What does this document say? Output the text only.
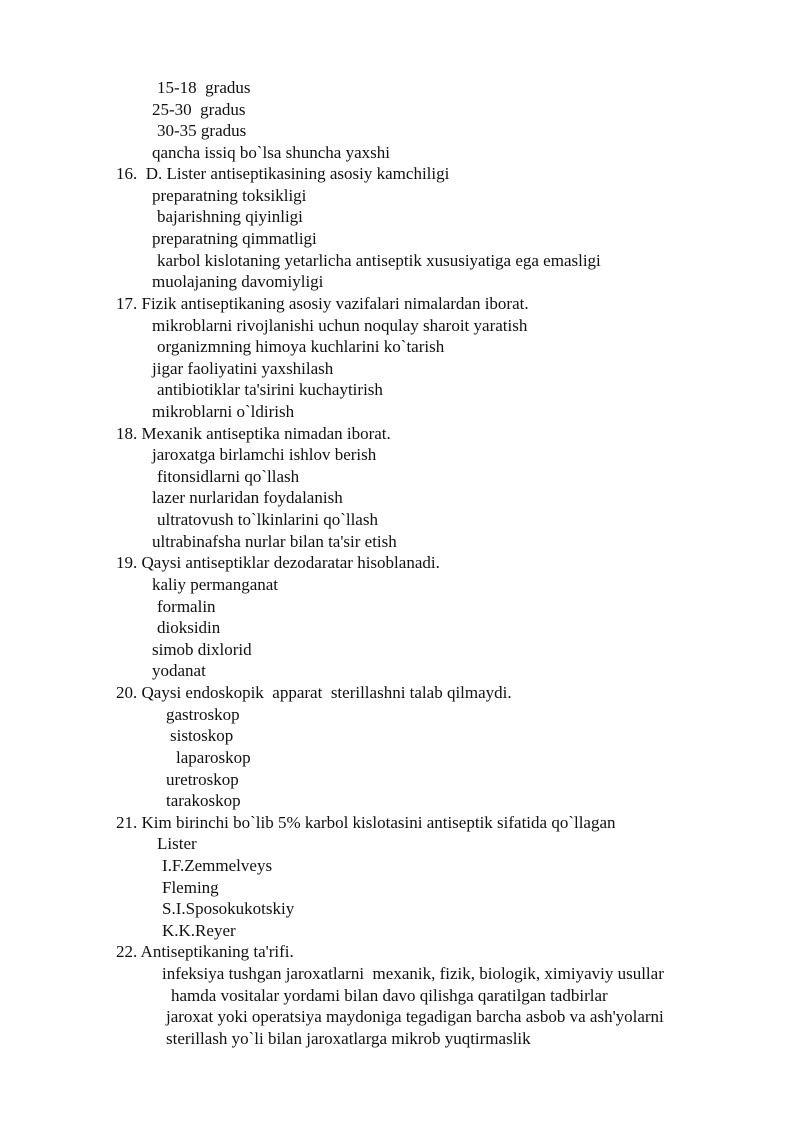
15-18  gradus
25-30  gradus
30-35 gradus
qancha issiq bo`lsa shuncha yaxshi
16.  D. Lister antiseptikasining asosiy kamchiligi
preparatning toksikligi
bajarishning qiyinligi
preparatning qimmatligi
karbol kislotaning yetarlicha antiseptik xususiyatiga ega emasligi
muolajaning davomiyligi
17. Fizik antiseptikaning asosiy vazifalari nimalardan iborat.
mikroblarni rivojlanishi uchun noqulay sharoit yaratish
organizmning himoya kuchlarini ko`tarish
jigar faoliyatini yaxshilash
antibiotiklar ta'sirini kuchaytirish
mikroblarni o`ldirish
18. Mexanik antiseptika nimadan iborat.
jaroxatga birlamchi ishlov berish
fitonsidlarni qo`llash
lazer nurlaridan foydalanish
ultratovush to`lkinlarini qo`llash
ultrabinafsha nurlar bilan ta'sir etish
19. Qaysi antiseptiklar dezodaratar hisoblanadi.
kaliy permanganat
formalin
dioksidin
simob dixlorid
yodanat
20. Qaysi endoskopik  apparat  sterillashni talab qilmaydi.
gastroskop
sistoskop
laparoskop
uretroskop
tarakoskop
21. Kim birinchi bo`lib 5% karbol kislotasini antiseptik sifatida qo`llagan
Lister
I.F.Zemmelveys
Fleming
S.I.Sposokukotskiy
K.K.Reyer
22. Antiseptikaning ta'rifi.
infeksiya tushgan jaroxatlarni  mexanik, fizik, biologik, ximiyaviy usullar
hamda vositalar yordami bilan davo qilishga qaratilgan tadbirlar
jaroxat yoki operatsiya maydoniga tegadigan barcha asbob va ash'yolarni
sterillash yo`li bilan jaroxatlarga mikrob yuqtirmaslik
